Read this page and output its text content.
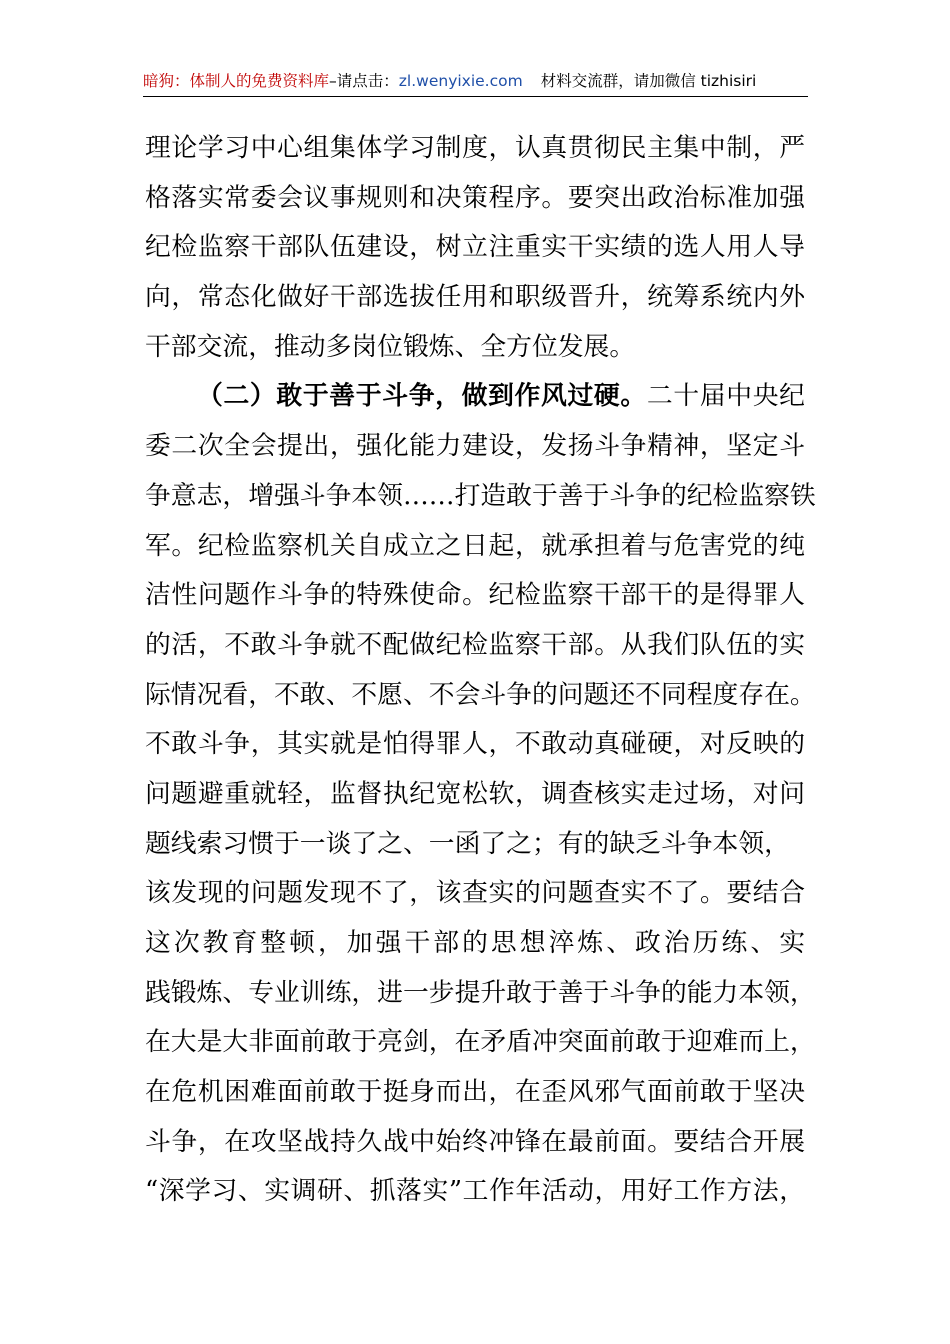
暗狗：体制人的免费资料库–请点击：zl.wenyixie.com 材料交流群，请加微信 tizhisiri
理论学习中心组集体学习制度，认真贯彻民主集中制，严
格落实常委会议事规则和决策程序。要突出政治标准加强
纪检监察干部队伍建设，树立注重实干实绩的选人用人导
向，常态化做好干部选拔任用和职级晋升，统筹系统内外
干部交流，推动多岗位锻炼、全方位发展。
（二）敢于善于斗争，做到作风过硬。二十届中央纪
委二次全会提出，强化能力建设，发扬斗争精神，坚定斗
争意志，增强斗争本领……打造敢于善于斗争的纪检监察铁
军。纪检监察机关自成立之日起，就承担着与危害党的纯
洁性问题作斗争的特殊使命。纪检监察干部干的是得罪人
的活，不敢斗争就不配做纪检监察干部。从我们队伍的实
际情况看，不敢、不愿、不会斗争的问题还不同程度存在。
不敢斗争，其实就是怕得罪人，不敢动真碰硬，对反映的
问题避重就轻，监督执纪宽松软，调查核实走过场，对问
题线索习惯于一谈了之、一函了之；有的缺乏斗争本领，
该发现的问题发现不了，该查实的问题查实不了。要结合
这次教育整顿，加强干部的思想淬炼、政治历练、实
践锻炼、专业训练，进一步提升敢于善于斗争的能力本领，
在大是大非面前敢于亮剑，在矛盾冲突面前敢于迎难而上，
在危机困难面前敢于挺身而出，在歪风邪气面前敢于坚决
斗争，在攻坚战持久战中始终冲锋在最前面。要结合开展
“深学习、实调研、抓落实”工作年活动，用好工作方法，
